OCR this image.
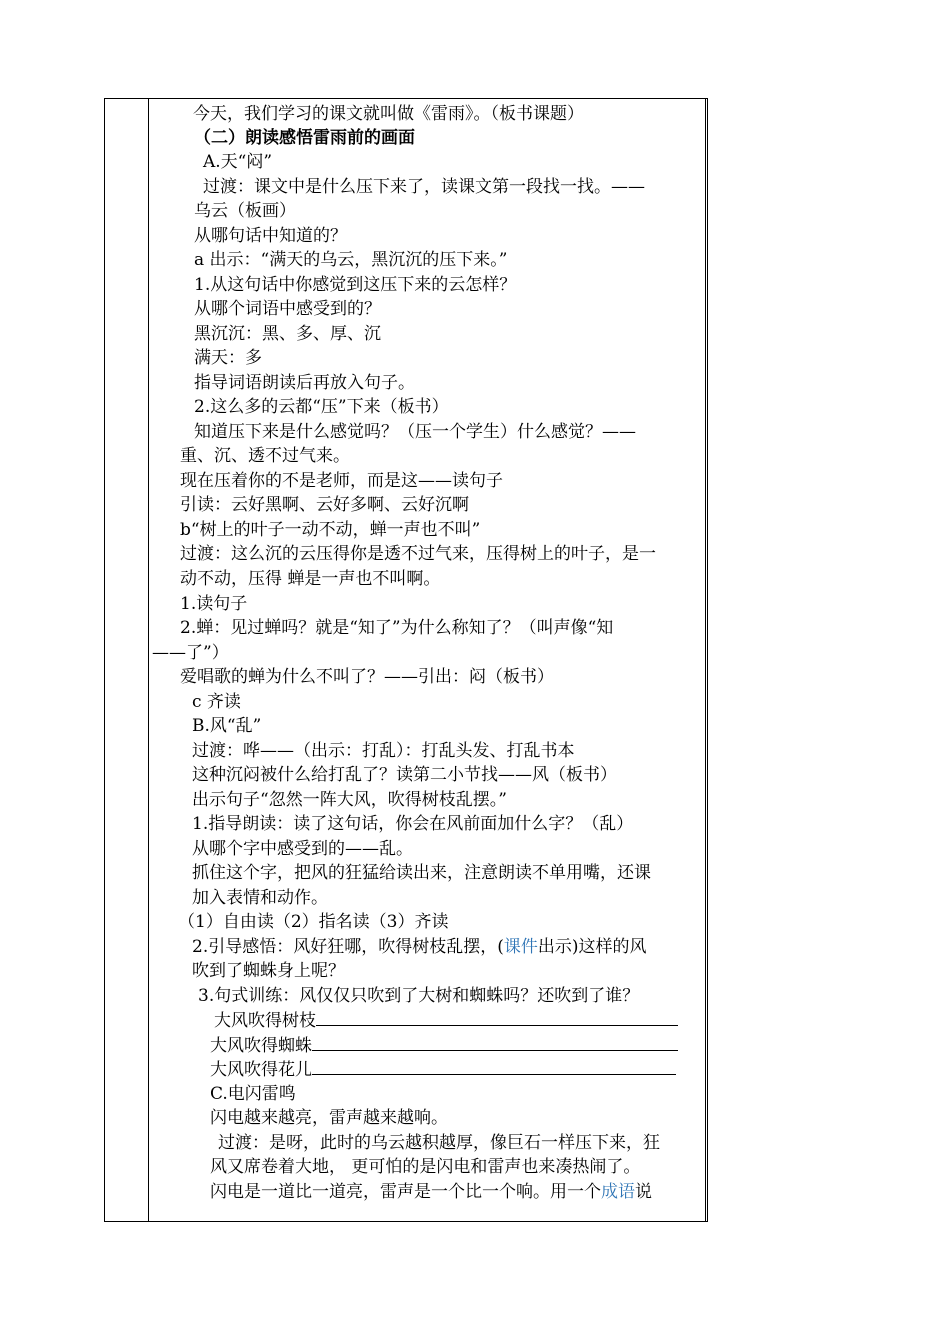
今天，我们学习的课文就叫做《雷雨》。（板书课题）
（二）朗读感悟雷雨前的画面
A.天“闷”
过渡：课文中是什么压下来了，读课文第一段找一找。——
乌云（板画）
从哪句话中知道的？
a 出示：“满天的乌云，黑沉沉的压下来。”
1.从这句话中你感觉到这压下来的云怎样？
从哪个词语中感受到的？
黑沉沉：黑、多、厚、沉
满天：多
指导词语朗读后再放入句子。
2.这么多的云都“压”下来（板书）
知道压下来是什么感觉吗？（压一个学生）什么感觉？——
重、沉、透不过气来。
现在压着你的不是老师，而是这——读句子
引读：云好黑啊、云好多啊、云好沉啊
b“树上的叶子一动不动，蝉一声也不叫”
过渡：这么沉的云压得你是透不过气来，压得树上的叶子，是一
动不动，压得 蝉是一声也不叫啊。
1.读句子
2.蝉：见过蝉吗？就是“知了”为什么称知了？（叫声像“知
——了”）
爱唱歌的蝉为什么不叫了？——引出：闷（板书）
c 齐读
B.风“乱”
过渡：哗——（出示：打乱）：打乱头发、打乱书本
这种沉闷被什么给打乱了？读第二小节找——风（板书）
出示句子“忽然一阵大风，吹得树枝乱摆。”
1.指导朗读：读了这句话，你会在风前面加什么字？（乱）
从哪个字中感受到的——乱。
抓住这个字，把风的狂猛给读出来，注意朗读不单用嘴，还课
加入表情和动作。
（1）自由读（2）指名读（3）齐读
2.引导感悟：风好狂哪，吹得树枝乱摆，(课件出示)这样的风
吹到了蜘蛛身上呢？
3.句式训练：风仅仅只吹到了大树和蜘蛛吗？还吹到了谁？
大风吹得树枝
大风吹得蜘蛛
大风吹得花儿
C.电闪雷鸣
闪电越来越亮，雷声越来越响。
过渡：是呀，此时的乌云越积越厚，像巨石一样压下来，狂
风又席卷着大地， 更可怕的是闪电和雷声也来凑热闹了。
闪电是一道比一道亮，雷声是一个比一个响。用一个成语说
